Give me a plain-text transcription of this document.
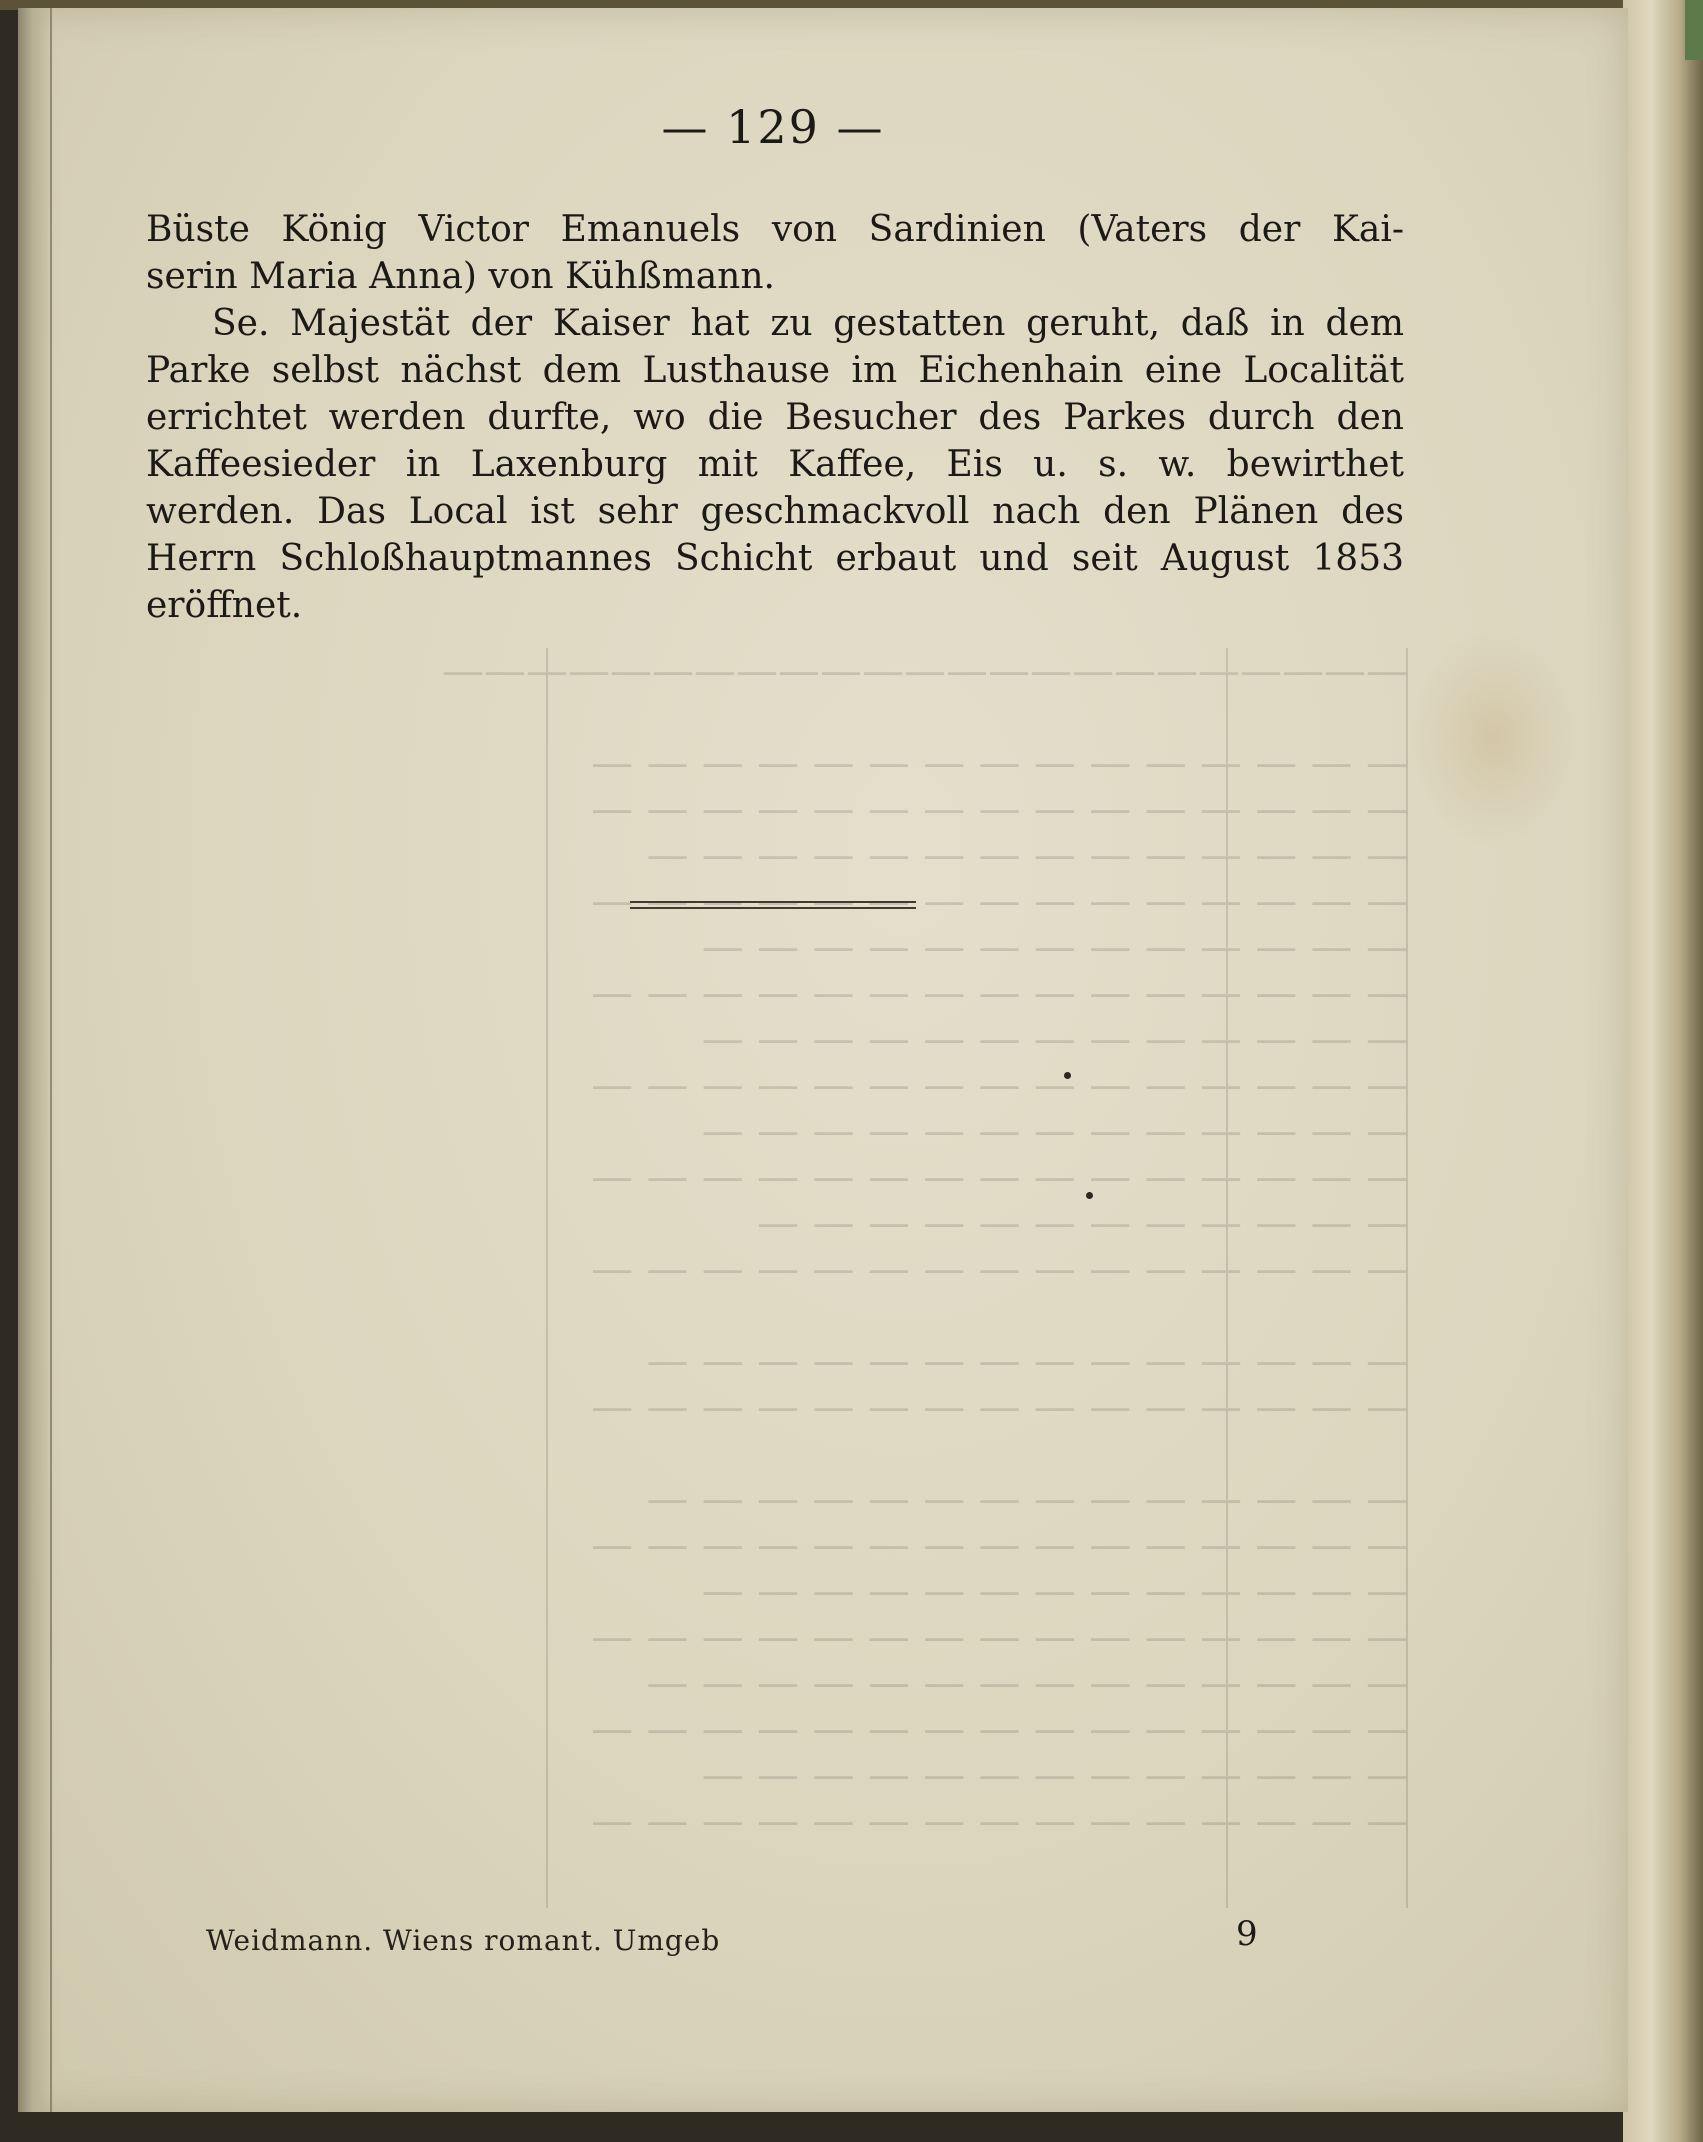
———————————————————————

— — — — — — — — — — — — — — —
— — — — — — — — — — — — — — —
— — — — — — — — — — — — — —
— — — — — — — — — — — — — — —
— — — — — — — — — — — — —
— — — — — — — — — — — — — — —
— — — — — — — — — — — — —
— — — — — — — — — — — — — — —
— — — — — — — — — — — — —
— — — — — — — — — — — — — — —
— — — — — — — — — — — —
— — — — — — — — — — — — — — —

— — — — — — — — — — — — — —
— — — — — — — — — — — — — — —

— — — — — — — — — — — — — —
— — — — — — — — — — — — — — —
— — — — — — — — — — — — —
— — — — — — — — — — — — — — —
— — — — — — — — — — — — — —
— — — — — — — — — — — — — — —
— — — — — — — — — — — — —
— — — — — — — — — — — — — — —
— 129 —
Büste König Victor Emanuels von Sardinien (Vaters der Kai-
serin Maria Anna) von Kühßmann.
Se. Majestät der Kaiser hat zu gestatten geruht, daß in dem
Parke selbst nächst dem Lusthause im Eichenhain eine Localität
errichtet werden durfte, wo die Besucher des Parkes durch den
Kaffeesieder in Laxenburg mit Kaffee, Eis u. s. w. bewirthet
werden. Das Local ist sehr geschmackvoll nach den Plänen des
Herrn Schloßhauptmannes Schicht erbaut und seit August 1853
eröffnet.
Weidmann. Wiens romant. Umgeb	9
